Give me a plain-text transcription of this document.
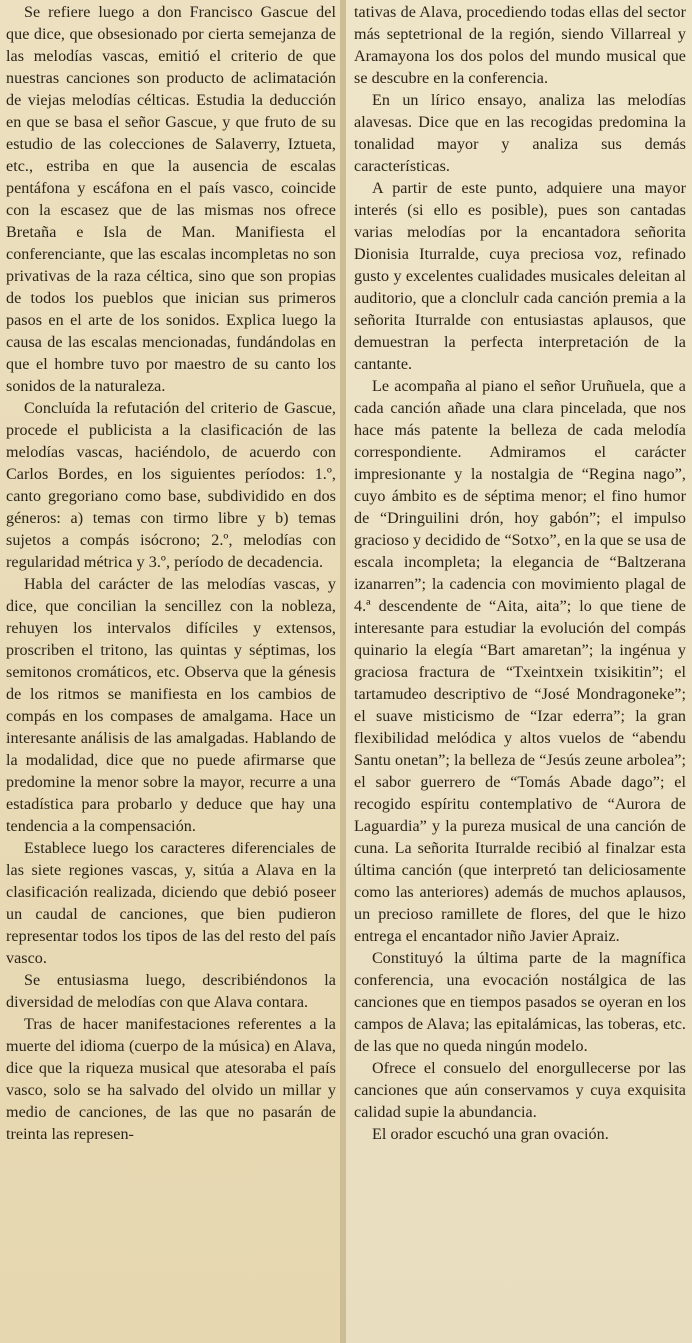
Se refiere luego a don Francisco Gascue del que dice, que obsesionado por cierta semejanza de las melodías vascas, emitió el criterio de que nuestras canciones son producto de aclimatación de viejas melodías célticas. Estudia la deducción en que se basa el señor Gascue, y que fruto de su estudio de las colecciones de Salaverry, Iztueta, etc., estriba en que la ausencia de escalas pentáfona y escáfona en el país vasco, coincide con la escasez que de las mismas nos ofrece Bretaña e Isla de Man. Manifiesta el conferenciante, que las escalas incompletas no son privativas de la raza céltica, sino que son propias de todos los pueblos que inician sus primeros pasos en el arte de los sonidos. Explica luego la causa de las escalas mencionadas, fundándolas en que el hombre tuvo por maestro de su canto los sonidos de la naturaleza.

Concluída la refutación del criterio de Gascue, procede el publicista a la clasificación de las melodías vascas, haciéndolo, de acuerdo con Carlos Bordes, en los siguientes períodos: 1.º, canto gregoriano como base, subdividido en dos géneros: a) temas con tirmo libre y b) temas sujetos a compás isócrono; 2.º, melodías con regularidad métrica y 3.º, período de decadencia.

Habla del carácter de las melodías vascas, y dice, que concilian la sencillez con la nobleza, rehuyen los intervalos difíciles y extensos, proscriben el tritono, las quintas y séptimas, los semitonos cromáticos, etc. Observa que la génesis de los ritmos se manifiesta en los cambios de compás en los compases de amalgama. Hace un interesante análisis de las amalgadas. Hablando de la modalidad, dice que no puede afirmarse que predomine la menor sobre la mayor, recurre a una estadística para probarlo y deduce que hay una tendencia a la compensación.

Establece luego los caracteres diferenciales de las siete regiones vascas, y, sitúa a Alava en la clasificación realizada, diciendo que debió poseer un caudal de canciones, que bien pudieron representar todos los tipos de las del resto del país vasco.

Se entusiasma luego, describiéndonos la diversidad de melodías con que Alava contara.

Tras de hacer manifestaciones referentes a la muerte del idioma (cuerpo de la música) en Alava, dice que la riqueza musical que atesoraba el país vasco, solo se ha salvado del olvido un millar y medio de canciones, de las que no pasarán de treinta las represen-

tativas de Alava, procediendo todas ellas del sector más septetrional de la región, siendo Villarreal y Aramayona los dos polos del mundo musical que se descubre en la conferencia.

En un lírico ensayo, analiza las melodías alavesas. Dice que en las recogidas predomina la tonalidad mayor y analiza sus demás características.

A partir de este punto, adquiere una mayor interés (si ello es posible), pues son cantadas varias melodías por la encantadora señorita Dionisia Iturralde, cuya preciosa voz, refinado gusto y excelentes cualidades musicales deleitan al auditorio, que a clonclulr cada canción premia a la señorita Iturralde con entusiastas aplausos, que demuestran la perfecta interpretación de la cantante.

Le acompaña al piano el señor Uruñuela, que a cada canción añade una clara pincelada, que nos hace más patente la belleza de cada melodía correspondiente. Admiramos el carácter impresionante y la nostalgia de “Regina nago”, cuyo ámbito es de séptima menor; el fino humor de “Dringuilini drón, hoy gabón”; el impulso gracioso y decidido de “Sotxo”, en la que se usa de escala incompleta; la elegancia de “Baltzerana izanarren”; la cadencia con movimiento plagal de 4.ª descendente de “Aita, aita”; lo que tiene de interesante para estudiar la evolución del compás quinario la elegía “Bart amaretan”; la ingénua y graciosa fractura de “Txeintxein txisikitin”; el tartamudeo descriptivo de “José Mondragoneke”; el suave misticismo de “Izar ederra”; la gran flexibilidad melódica y altos vuelos de “abendu Santu onetan”; la belleza de “Jesús zeune arbolea”; el sabor guerrero de “Tomás Abade dago”; el recogido espíritu contemplativo de “Aurora de Laguardia” y la pureza musical de una canción de cuna. La señorita Iturralde recibió al finalzar esta última canción (que interpretó tan deliciosamente como las anteriores) además de muchos aplausos, un precioso ramillete de flores, del que le hizo entrega el encantador niño Javier Apraiz.

Constituyó la última parte de la magnífica conferencia, una evocación nostálgica de las canciones que en tiempos pasados se oyeran en los campos de Alava; las epitalámicas, las toberas, etc. de las que no queda ningún modelo.

Ofrece el consuelo del enorgullecerse por las canciones que aún conservamos y cuya exquisita calidad supie la abundancia.

El orador escuchó una gran ovación.
